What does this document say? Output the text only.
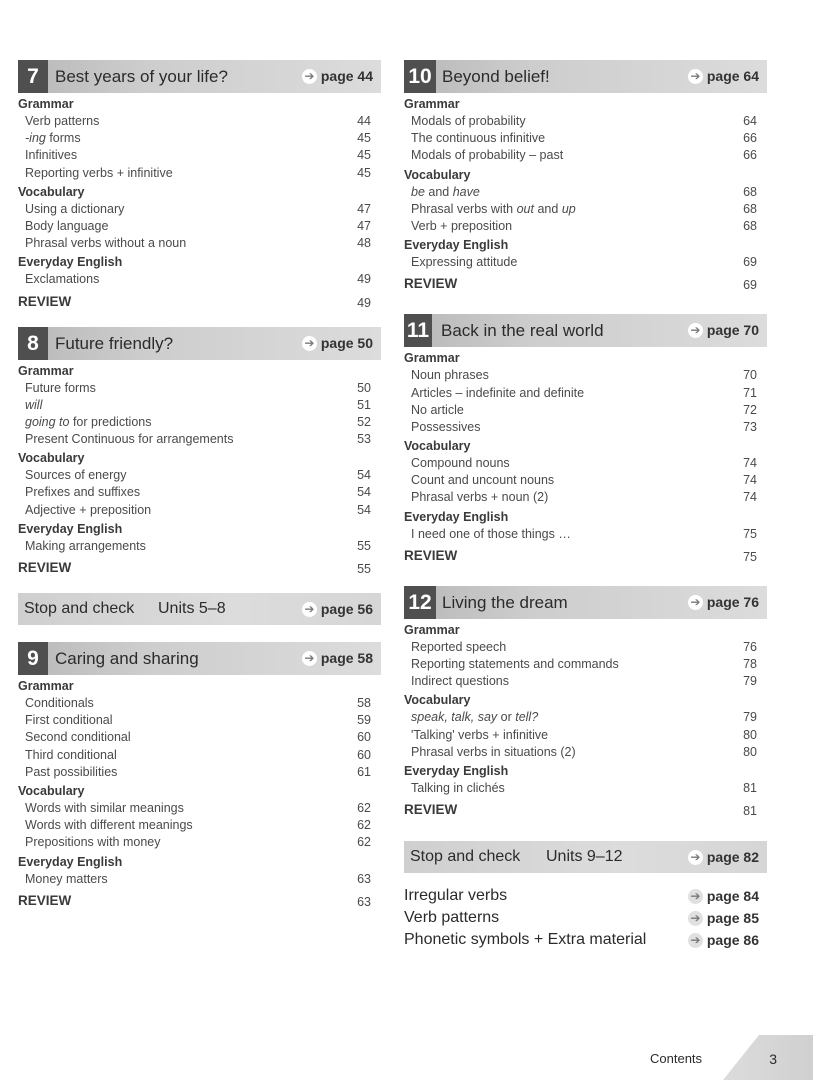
7 Best years of your life?	➔ page 44
Grammar
Verb patterns	44
-ing forms	45
Infinitives	45
Reporting verbs + infinitive	45
Vocabulary
Using a dictionary	47
Body language	47
Phrasal verbs without a noun	48
Everyday English
Exclamations	49
REVIEW	49
8 Future friendly?	➔ page 50
Grammar
Future forms	50
will	51
going to for predictions	52
Present Continuous for arrangements	53
Vocabulary
Sources of energy	54
Prefixes and suffixes	54
Adjective + preposition	54
Everyday English
Making arrangements	55
REVIEW	55
Stop and check Units 5–8	➔ page 56
9 Caring and sharing	➔ page 58
Grammar
Conditionals	58
First conditional	59
Second conditional	60
Third conditional	60
Past possibilities	61
Vocabulary
Words with similar meanings	62
Words with different meanings	62
Prepositions with money	62
Everyday English
Money matters	63
REVIEW	63
10 Beyond belief!	➔ page 64
Grammar
Modals of probability	64
The continuous infinitive	66
Modals of probability – past	66
Vocabulary
be and have	68
Phrasal verbs with out and up	68
Verb + preposition	68
Everyday English
Expressing attitude	69
REVIEW	69
11 Back in the real world	➔ page 70
Grammar
Noun phrases	70
Articles – indefinite and definite	71
No article	72
Possessives	73
Vocabulary
Compound nouns	74
Count and uncount nouns	74
Phrasal verbs + noun (2)	74
Everyday English
I need one of those things …	75
REVIEW	75
12 Living the dream	➔ page 76
Grammar
Reported speech	76
Reporting statements and commands	78
Indirect questions	79
Vocabulary
speak, talk, say or tell?	79
'Talking' verbs + infinitive	80
Phrasal verbs in situations (2)	80
Everyday English
Talking in clichés	81
REVIEW	81
Stop and check Units 9–12	➔ page 82
Irregular verbs	➔ page 84
Verb patterns	➔ page 85
Phonetic symbols + Extra material	➔ page 86
Contents	3
